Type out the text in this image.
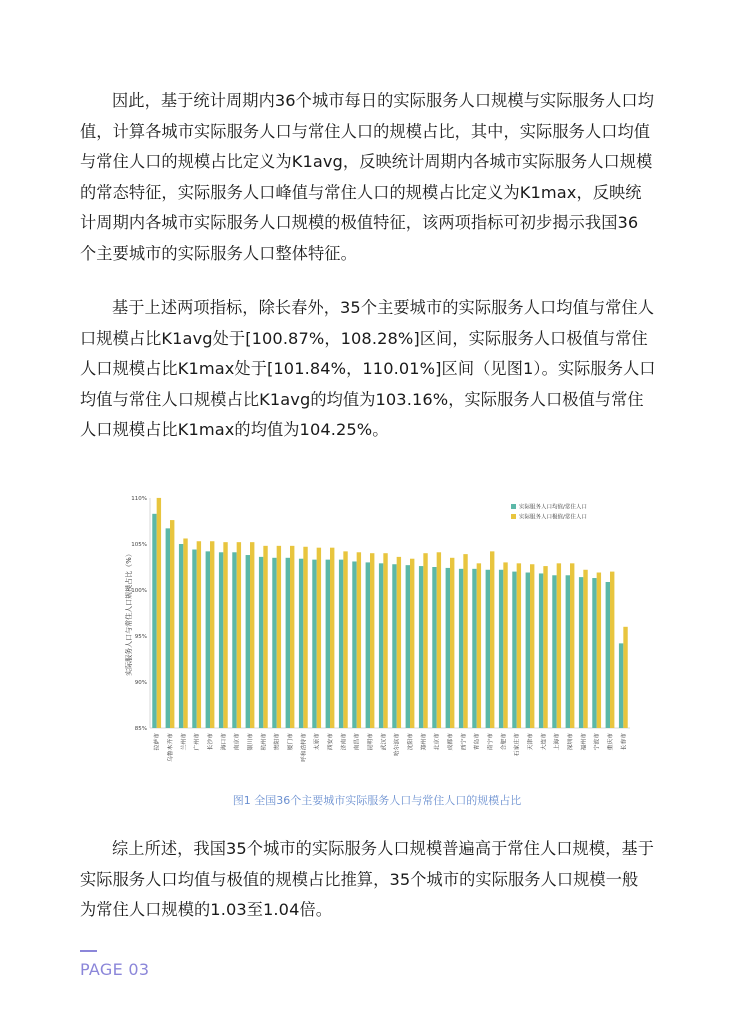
因此，基于统计周期内36个城市每日的实际服务人口规模与实际服务人口均
值，计算各城市实际服务人口与常住人口的规模占比，其中，实际服务人口均值
与常住人口的规模占比定义为K1avg，反映统计周期内各城市实际服务人口规模
的常态特征，实际服务人口峰值与常住人口的规模占比定义为K1max，反映统
计周期内各城市实际服务人口规模的极值特征，该两项指标可初步揭示我国36
个主要城市的实际服务人口整体特征。
基于上述两项指标，除长春外，35个主要城市的实际服务人口均值与常住人
口规模占比K1avg处于[100.87%，108.28%]区间，实际服务人口极值与常住
人口规模占比K1max处于[101.84%，110.01%]区间（见图1）。实际服务人口
均值与常住人口规模占比K1avg的均值为103.16%，实际服务人口极值与常住
人口规模占比K1max的均值为104.25%。
85%
90%
95%
100%
105%
110%
实际服务人口与常住人口规模占比（%）
拉萨市	乌鲁木齐市	兰州市	广州市	长沙市	海口市	南京市	银川市	杭州市	贵阳市	厦门市	呼和浩特市	太原市	西安市	济南市	南昌市	昆明市	武汉市	哈尔滨市	沈阳市	郑州市	北京市	成都市	西宁市	青岛市	南宁市	合肥市	石家庄市	天津市	大连市	上海市	深圳市	福州市	宁波市	重庆市	长春市
实际服务人口均值/常住人口
实际服务人口极值/常住人口
图1 全国36个主要城市实际服务人口与常住人口的规模占比
综上所述，我国35个城市的实际服务人口规模普遍高于常住人口规模，基于
实际服务人口均值与极值的规模占比推算，35个城市的实际服务人口规模一般
为常住人口规模的1.03至1.04倍。
PAGE 03
